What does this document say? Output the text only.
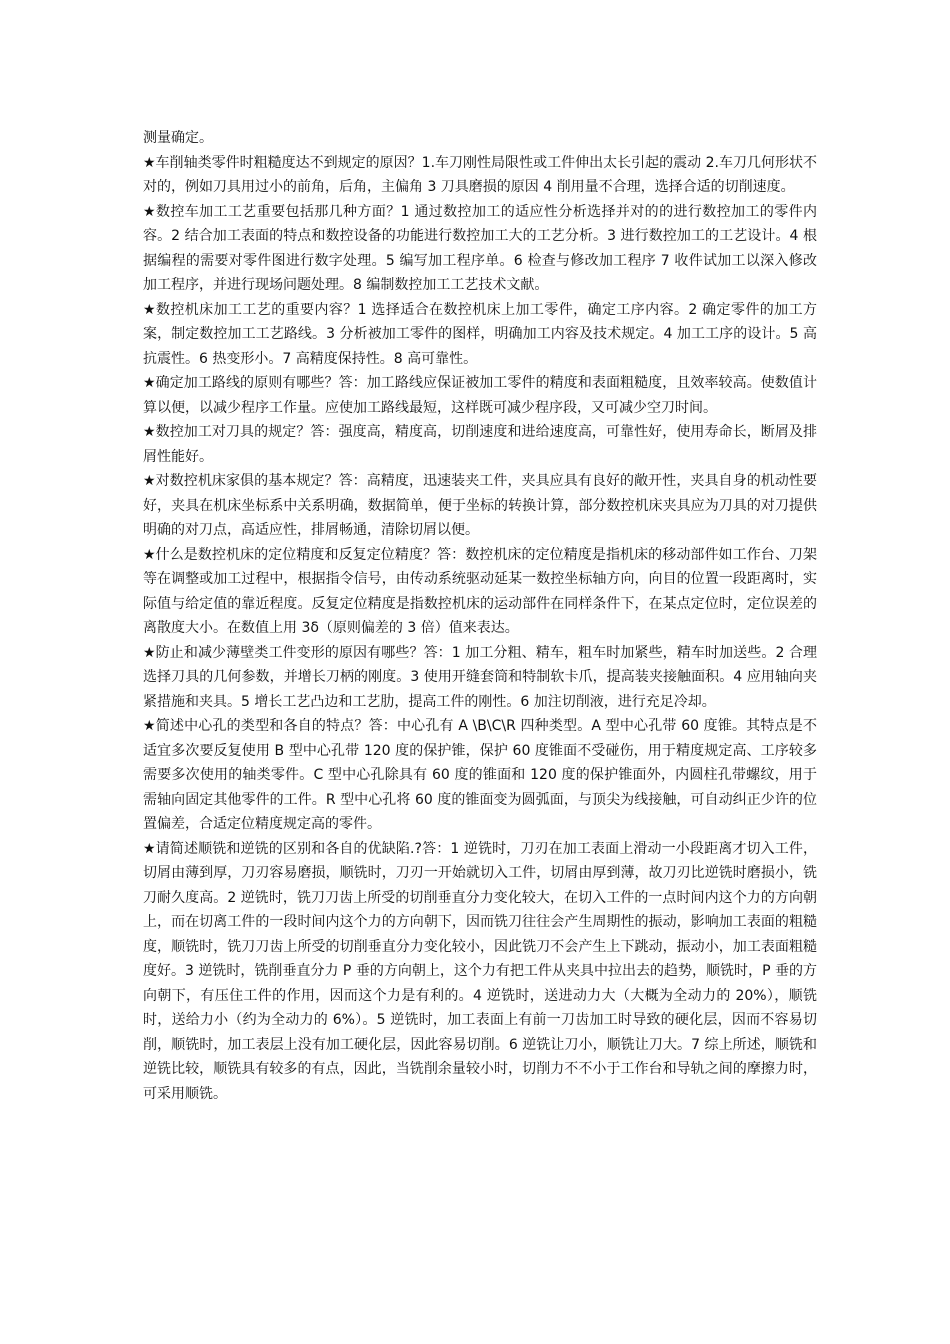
测量确定。

★车削轴类零件时粗糙度达不到规定的原因？1.车刀刚性局限性或工件伸出太长引起的震动 2.车刀几何形状不对的，例如刀具用过小的前角，后角，主偏角 3 刀具磨损的原因 4 削用量不合理，选择合适的切削速度。

★数控车加工工艺重要包括那几种方面？1 通过数控加工的适应性分析选择并对的的进行数控加工的零件内容。2 结合加工表面的特点和数控设备的功能进行数控加工大的工艺分析。3 进行数控加工的工艺设计。4 根据编程的需要对零件图进行数字处理。5 编写加工程序单。6 检查与修改加工程序 7 收件试加工以深入修改加工程序，并进行现场问题处理。8 编制数控加工工艺技术文献。

★数控机床加工工艺的重要内容？1 选择适合在数控机床上加工零件，确定工序内容。2 确定零件的加工方案，制定数控加工工艺路线。3 分析被加工零件的图样，明确加工内容及技术规定。4 加工工序的设计。5 高抗震性。6 热变形小。7 高精度保持性。8 高可靠性。

★确定加工路线的原则有哪些？答：加工路线应保证被加工零件的精度和表面粗糙度，且效率较高。使数值计算以便，以减少程序工作量。应使加工路线最短，这样既可减少程序段，又可减少空刀时间。

★数控加工对刀具的规定？答：强度高，精度高，切削速度和进给速度高，可靠性好，使用寿命长，断屑及排屑性能好。

★对数控机床家俱的基本规定？答：高精度，迅速装夹工件，夹具应具有良好的敞开性，夹具自身的机动性要好，夹具在机床坐标系中关系明确，数据简单，便于坐标的转换计算，部分数控机床夹具应为刀具的对刀提供明确的对刀点，高适应性，排屑畅通，清除切屑以便。

★什么是数控机床的定位精度和反复定位精度？答：数控机床的定位精度是指机床的移动部件如工作台、刀架等在调整或加工过程中，根据指令信号，由传动系统驱动延某一数控坐标轴方向，向目的位置一段距离时，实际值与给定值的靠近程度。反复定位精度是指数控机床的运动部件在同样条件下，在某点定位时，定位误差的离散度大小。在数值上用 3δ（原则偏差的 3 倍）值来表达。

★防止和减少薄壁类工件变形的原因有哪些？答：1 加工分粗、精车，粗车时加紧些，精车时加送些。2 合理选择刀具的几何参数，并增长刀柄的刚度。3 使用开缝套筒和特制软卡爪，提高装夹接触面积。4 应用轴向夹紧措施和夹具。5 增长工艺凸边和工艺肋，提高工件的刚性。6 加注切削液，进行充足冷却。

★简述中心孔的类型和各自的特点？答：中心孔有 A \B\C\R 四种类型。A 型中心孔带 60 度锥。其特点是不适宜多次要反复使用 B 型中心孔带 120 度的保护锥，保护 60 度锥面不受碰伤，用于精度规定高、工序较多需要多次使用的轴类零件。C 型中心孔除具有 60 度的锥面和 120 度的保护锥面外，内圆柱孔带螺纹，用于需轴向固定其他零件的工件。R 型中心孔将 60 度的锥面变为圆弧面，与顶尖为线接触，可自动纠正少许的位置偏差，合适定位精度规定高的零件。

★请简述顺铣和逆铣的区别和各自的优缺陷.?答：1 逆铣时，刀刃在加工表面上滑动一小段距离才切入工件，切屑由薄到厚，刀刃容易磨损，顺铣时，刀刃一开始就切入工件，切屑由厚到薄，故刀刃比逆铣时磨损小，铣刀耐久度高。2 逆铣时，铣刀刀齿上所受的切削垂直分力变化较大，在切入工件的一点时间内这个力的方向朝上，而在切离工件的一段时间内这个力的方向朝下，因而铣刀往往会产生周期性的振动，影响加工表面的粗糙度，顺铣时，铣刀刀齿上所受的切削垂直分力变化较小，因此铣刀不会产生上下跳动，振动小，加工表面粗糙度好。3 逆铣时，铣削垂直分力 P 垂的方向朝上，这个力有把工件从夹具中拉出去的趋势，顺铣时，P 垂的方向朝下，有压住工件的作用，因而这个力是有利的。4 逆铣时，送进动力大（大概为全动力的 20%），顺铣时，送给力小（约为全动力的 6%）。5 逆铣时，加工表面上有前一刀齿加工时导致的硬化层，因而不容易切削，顺铣时，加工表层上没有加工硬化层，因此容易切削。6 逆铣让刀小，顺铣让刀大。7 综上所述，顺铣和逆铣比较，顺铣具有较多的有点，因此，当铣削余量较小时，切削力不不小于工作台和导轨之间的摩擦力时，可采用顺铣。
